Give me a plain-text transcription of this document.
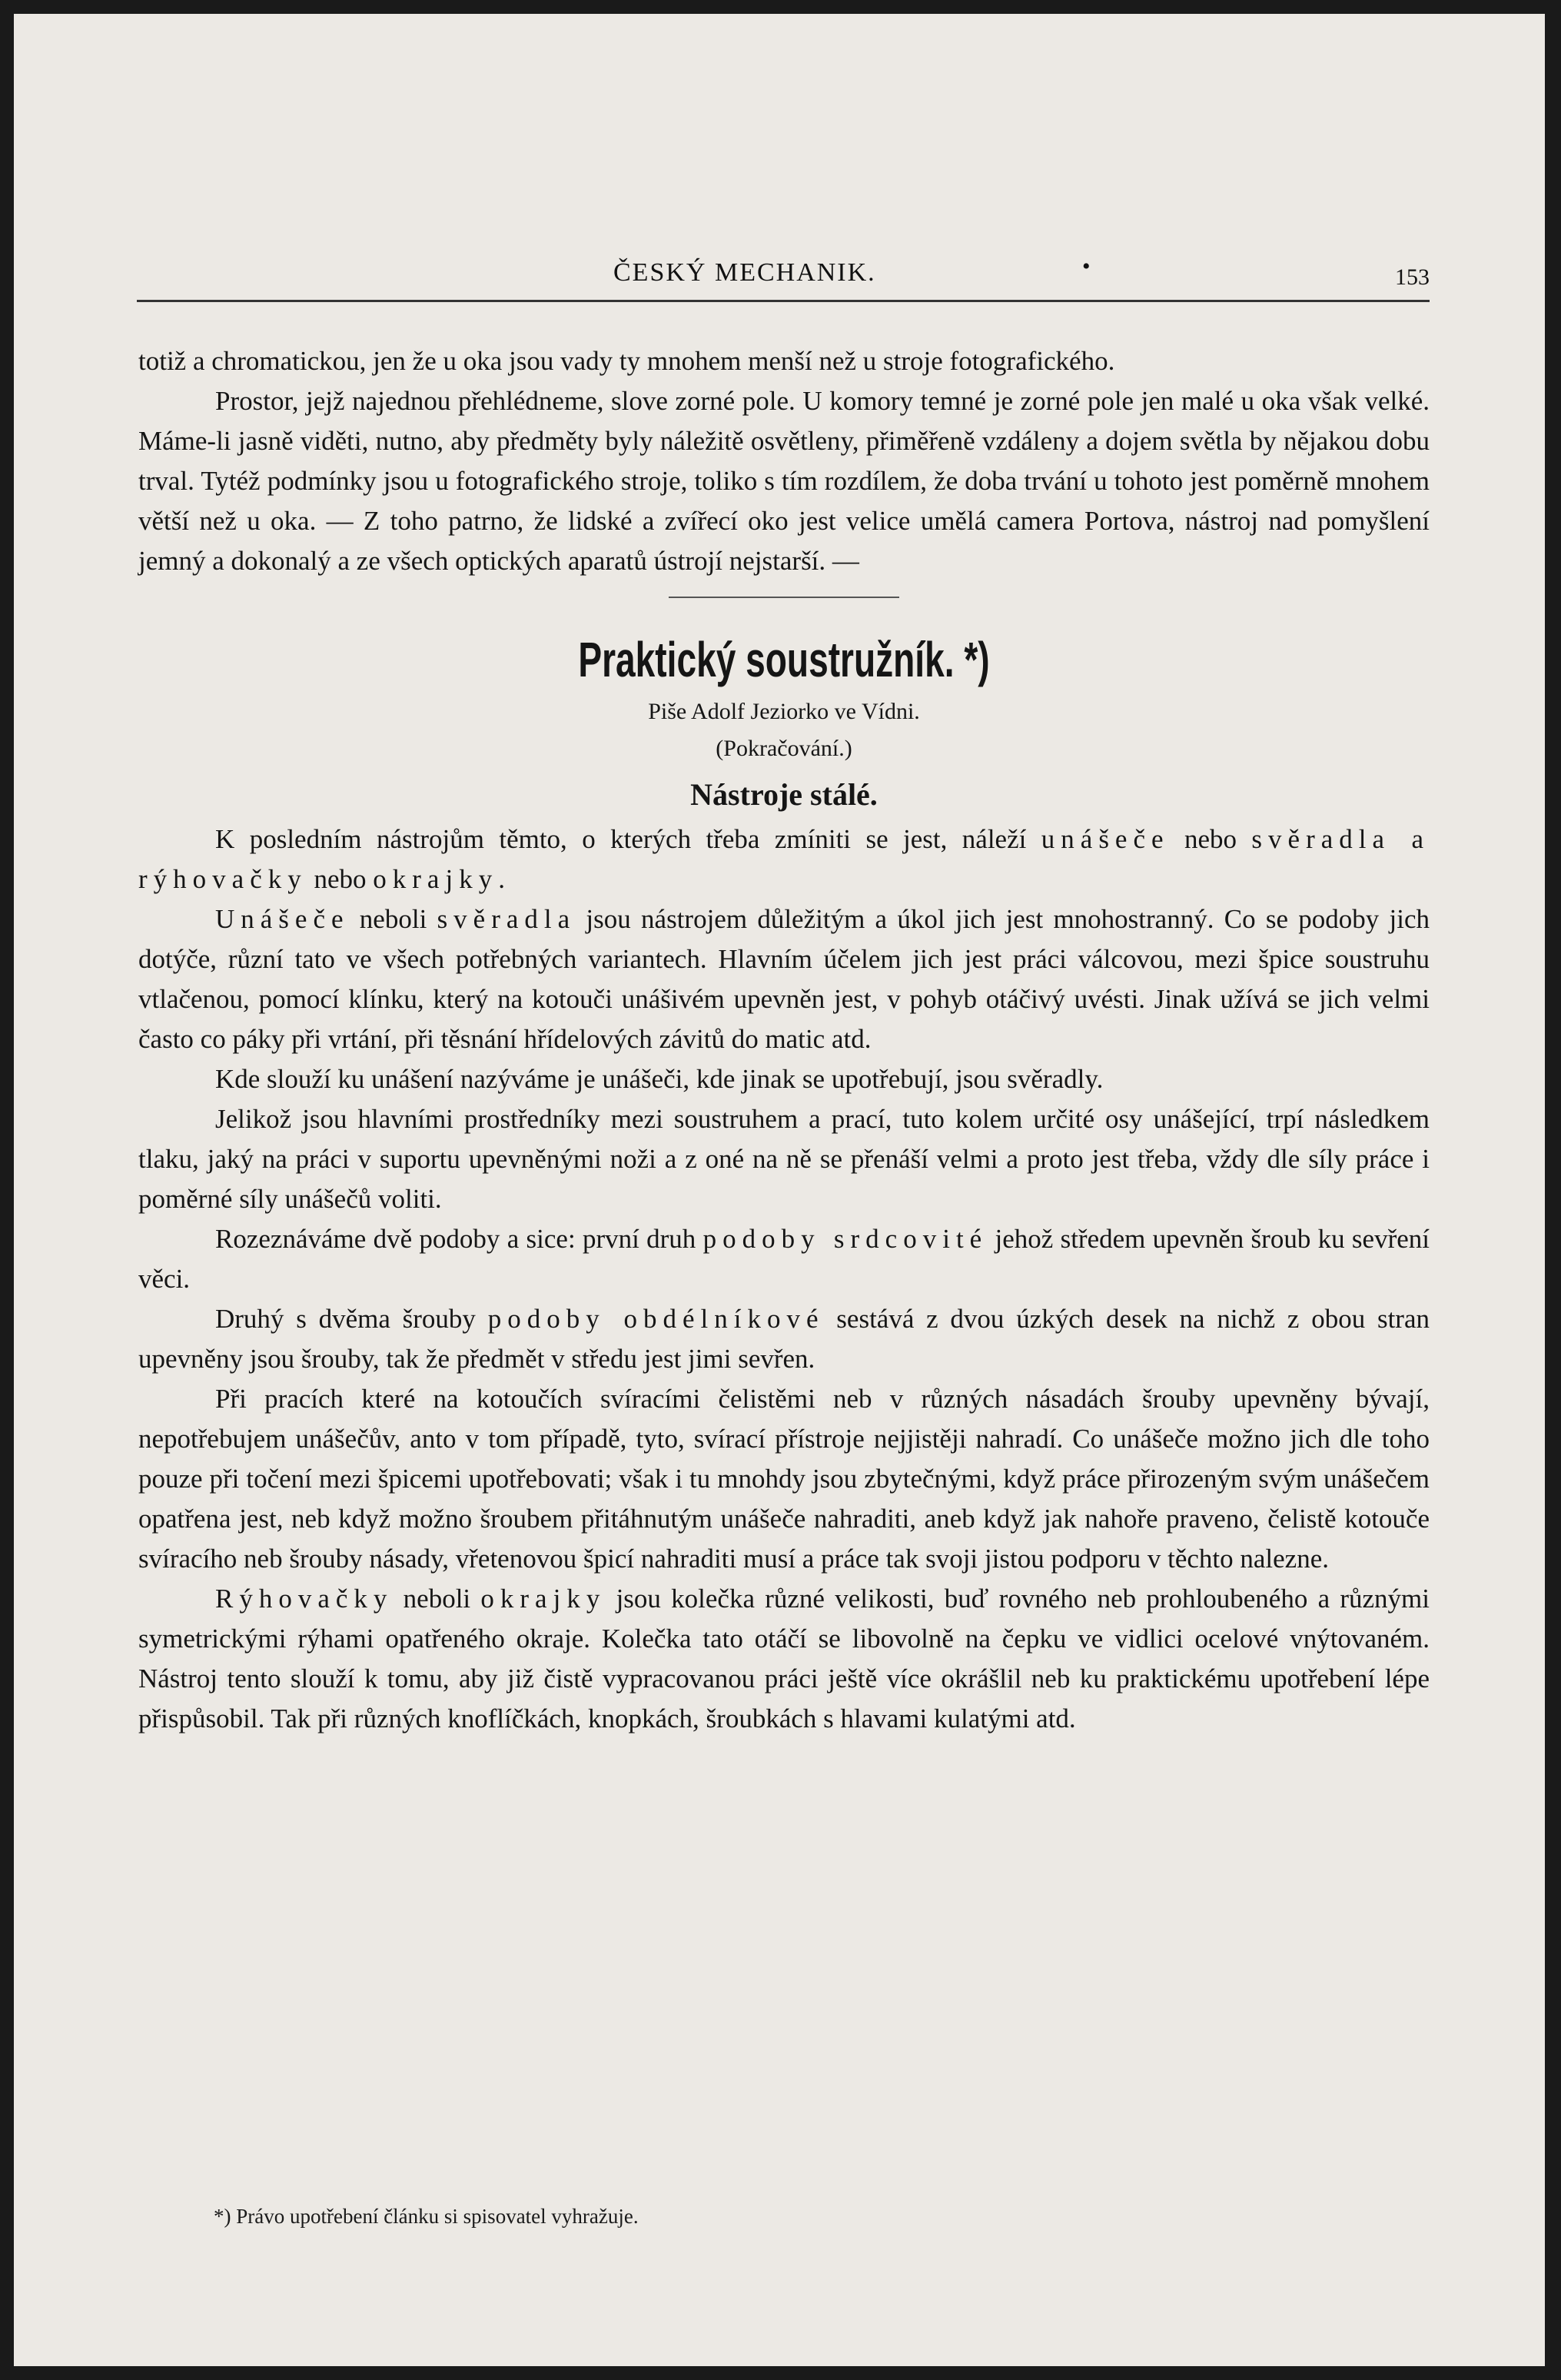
ČESKÝ MECHANIK.	•	153

totiž a chromatickou, jen že u oka jsou vady ty mnohem menší než u stroje fotografického.

Prostor, jejž najednou přehlédneme, slove zorné pole. U komory temné je zorné pole jen malé u oka však velké. Máme-li jasně viděti, nutno, aby předměty byly náležitě osvětleny, přiměřeně vzdáleny a dojem světla by nějakou dobu trval. Tytéž podmínky jsou u fotografického stroje, toliko s tím rozdílem, že doba trvání u tohoto jest poměrně mnohem větší než u oka. — Z toho patrno, že lidské a zvířecí oko jest velice umělá camera Portova, nástroj nad pomyšlení jemný a dokonalý a ze všech optických aparatů ústrojí nejstarší. —

Praktický soustružník. *)
Piše Adolf Jeziorko ve Vídni.
(Pokračování.)
Nástroje stálé.

K posledním nástrojům těmto, o kterých třeba zmíniti se jest, náleží unášeče nebo svěradla a rýhovačky nebo okrajky.

Unášeče neboli svěradla jsou nástrojem důležitým a úkol jich jest mnohostranný. Co se podoby jich dotýče, různí tato ve všech potřebných variantech. Hlavním účelem jich jest práci válcovou, mezi špice soustruhu vtlačenou, pomocí klínku, který na kotouči unášivém upevněn jest, v pohyb otáčivý uvésti. Jinak užívá se jich velmi často co páky při vrtání, při těsnání hřídelových závitů do matic atd.

Kde slouží ku unášení nazýváme je unášeči, kde jinak se upotřebují, jsou svěradly.

Jelikož jsou hlavními prostředníky mezi soustruhem a prací, tuto kolem určité osy unášející, trpí následkem tlaku, jaký na práci v suportu upevněnými noži a z oné na ně se přenáší velmi a proto jest třeba, vždy dle síly práce i poměrné síly unášečů voliti.

Rozeznáváme dvě podoby a sice: první druh podoby srdcovité jehož středem upevněn šroub ku sevření věci.

Druhý s dvěma šrouby podoby obdélníkové sestává z dvou úzkých desek na nichž z obou stran upevněny jsou šrouby, tak že předmět v středu jest jimi sevřen.

Při pracích které na kotoučích svíracími čelistěmi neb v různých násadách šrouby upevněny bývají, nepotřebujem unášečův, anto v tom případě, tyto, svírací přístroje nejjistěji nahradí. Co unášeče možno jich dle toho pouze při točení mezi špicemi upotřebovati; však i tu mnohdy jsou zbytečnými, když práce přirozeným svým unášečem opatřena jest, neb když možno šroubem přitáhnutým unášeče nahraditi, aneb když jak nahoře praveno, čelistě kotouče svíracího neb šrouby násady, vřetenovou špicí nahraditi musí a práce tak svoji jistou podporu v těchto nalezne.

Rýhovačky neboli okrajky jsou kolečka různé velikosti, buď rovného neb prohloubeného a různými symetrickými rýhami opatřeného okraje. Kolečka tato otáčí se libovolně na čepku ve vidlici ocelové vnýtovaném. Nástroj tento slouží k tomu, aby již čistě vypracovanou práci ještě více okrášlil neb ku praktickému upotřebení lépe přispůsobil. Tak při různých knoflíčkách, knopkách, šroubkách s hlavami kulatými atd.

*) Právo upotřebení článku si spisovatel vyhražuje.
